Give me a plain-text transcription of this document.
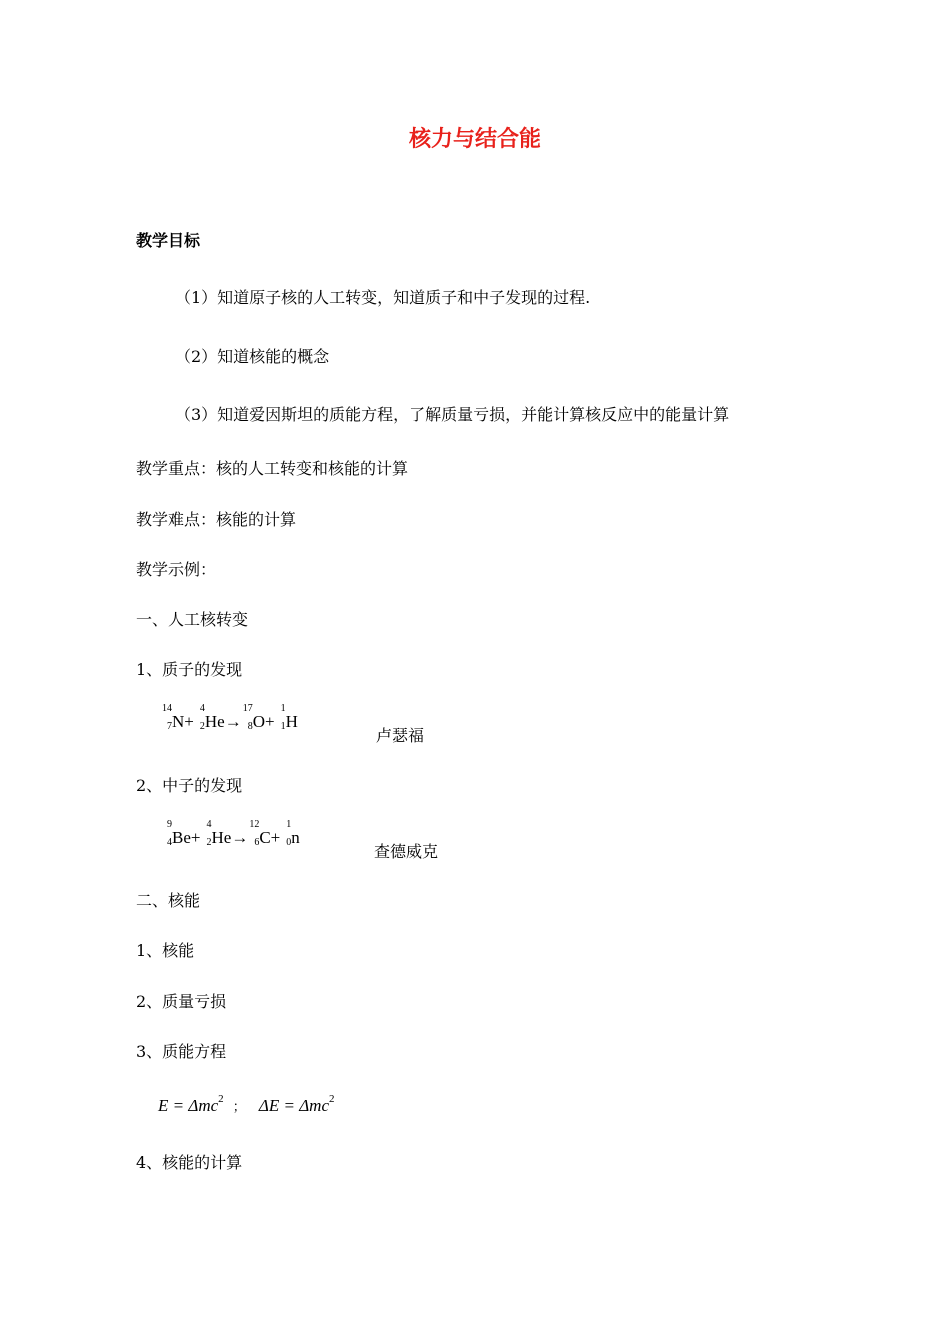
核力与结合能
教学目标
（1）知道原子核的人工转变，知道质子和中子发现的过程.
（2）知道核能的概念
（3）知道爱因斯坦的质能方程，了解质量亏损，并能计算核反应中的能量计算
教学重点：核的人工转变和核能的计算
教学难点：核能的计算
教学示例：
一、人工核转变
1、质子的发现
14
7 N+
4
2 He→
17
8 O+
1
1 H
卢瑟福
2、中子的发现
9
4 Be+
4
2 He→
12
6 C+
1
0 n
查德威克
二、核能
1、核能
2、质量亏损
3、质能方程
E = Δmc$^2$ ； ΔE = Δmc$^2$
4、核能的计算
